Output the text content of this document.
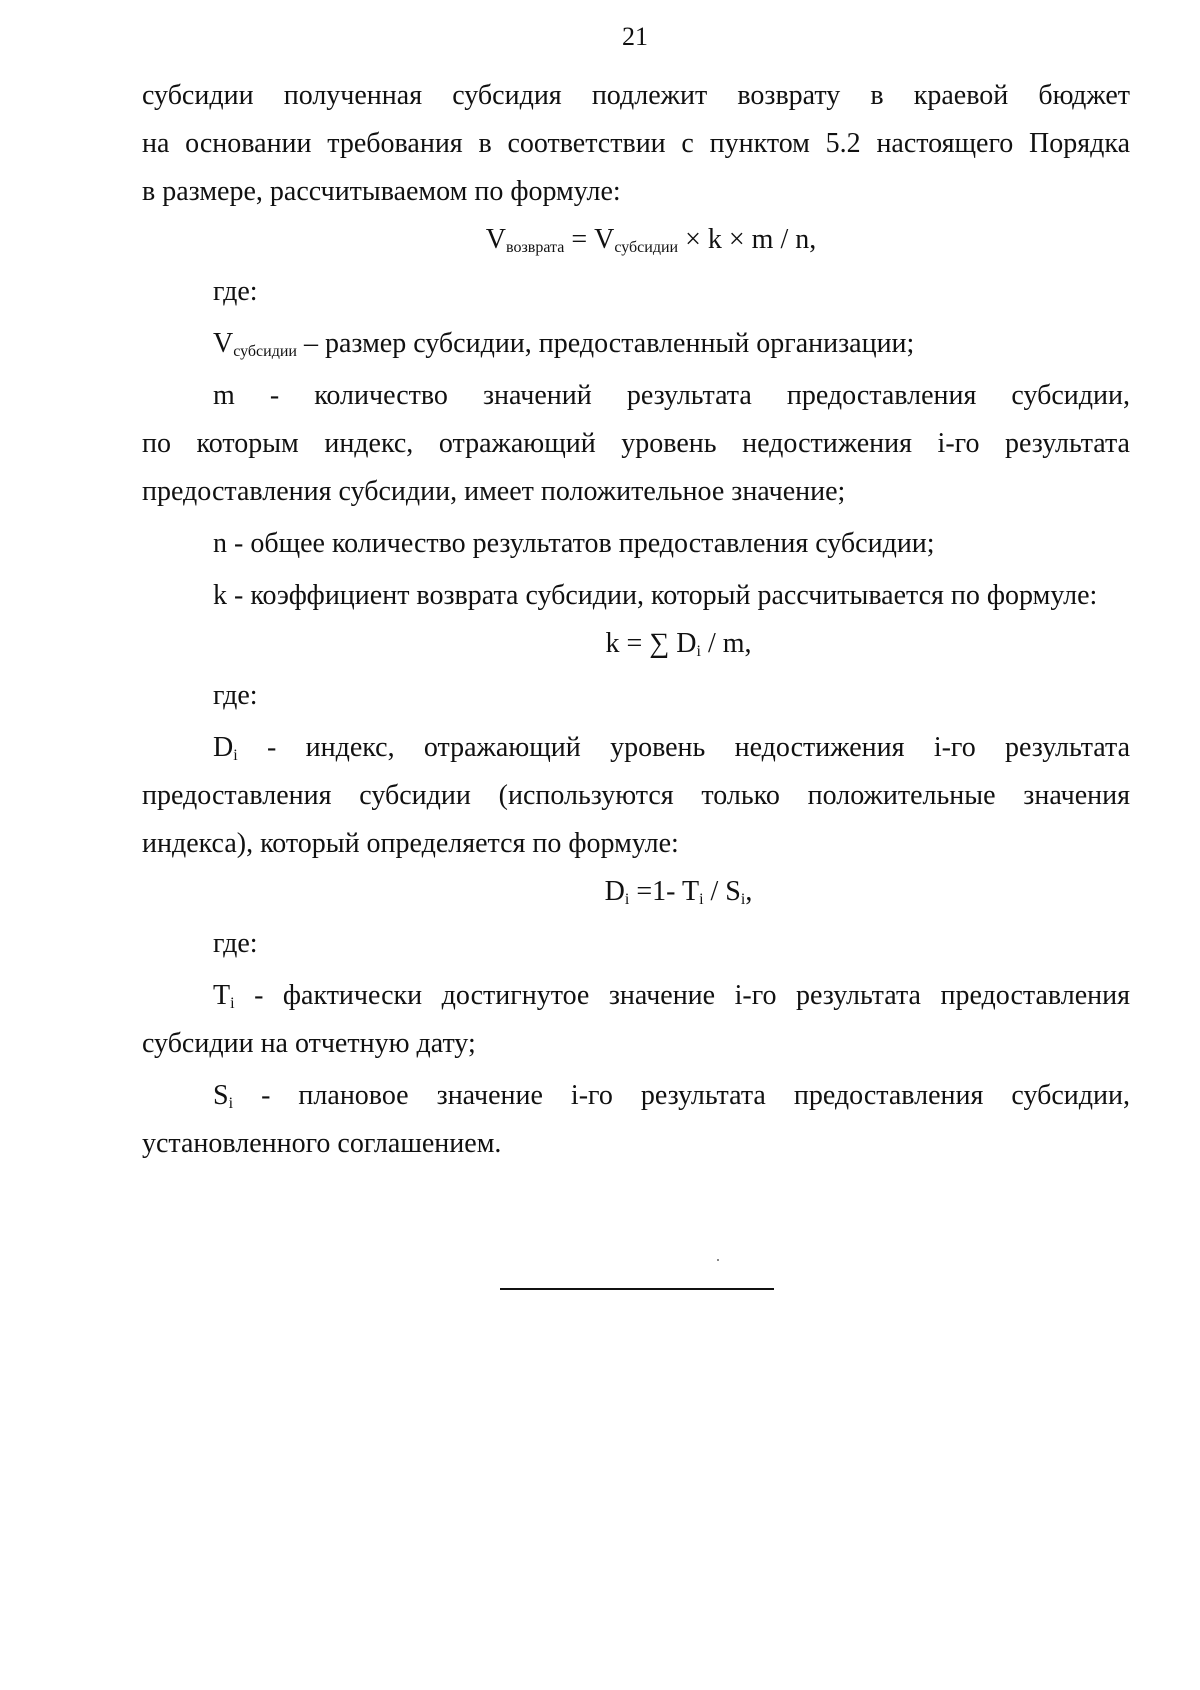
21

субсидии полученная субсидия подлежит возврату в краевой бюджет

на основании требования в соответствии с пунктом 5.2 настоящего Порядка

в размере, рассчитываемом по формуле:

$V_{возврата} = V_{субсидии} \times k \times m / n$,

где:

$V_{субсидии}$ – размер субсидии, предоставленный организации;

m - количество значений результата предоставления субсидии,

по которым индекс, отражающий уровень недостижения i-го результата

предоставления субсидии, имеет положительное значение;

n - общее количество результатов предоставления субсидии;

k - коэффициент возврата субсидии, который рассчитывается по формуле:

k = ∑ $D_i$ / m,

где:

$D_i$ - индекс, отражающий уровень недостижения i-го результата

предоставления субсидии (используются только положительные значения

индекса), который определяется по формуле:

$D_i =1-$ $T_i / S_i$,

где:

$T_i$ - фактически достигнутое значение i-го результата предоставления

субсидии на отчетную дату;

$S_i$ - плановое значение i-го результата предоставления субсидии,

установленного соглашением.
